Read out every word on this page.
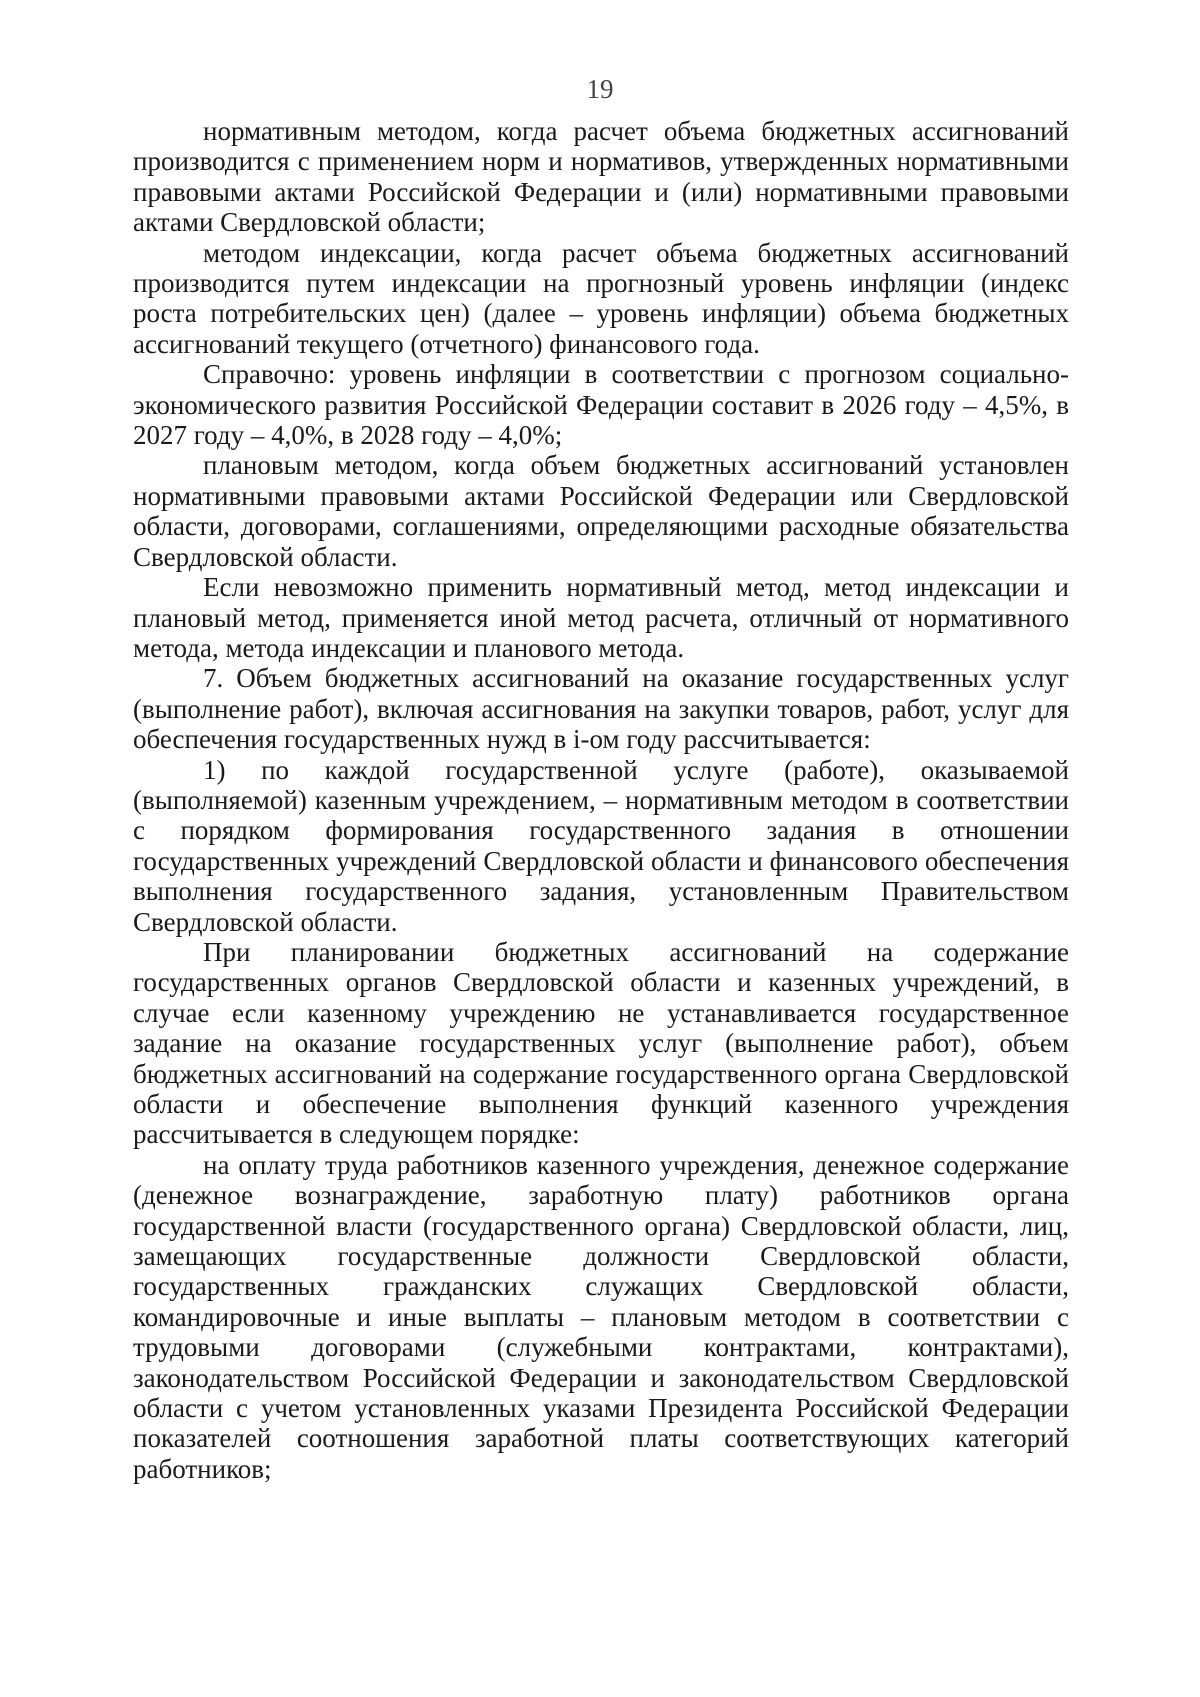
19

нормативным методом, когда расчет объема бюджетных ассигнований производится с применением норм и нормативов, утвержденных нормативными правовыми актами Российской Федерации и (или) нормативными правовыми актами Свердловской области;

методом индексации, когда расчет объема бюджетных ассигнований производится путем индексации на прогнозный уровень инфляции (индекс роста потребительских цен) (далее – уровень инфляции) объема бюджетных ассигнований текущего (отчетного) финансового года.

Справочно: уровень инфляции в соответствии с прогнозом социально-экономического развития Российской Федерации составит в 2026 году – 4,5%, в 2027 году – 4,0%, в 2028 году – 4,0%;

плановым методом, когда объем бюджетных ассигнований установлен нормативными правовыми актами Российской Федерации или Свердловской области, договорами, соглашениями, определяющими расходные обязательства Свердловской области.

Если невозможно применить нормативный метод, метод индексации и плановый метод, применяется иной метод расчета, отличный от нормативного метода, метода индексации и планового метода.

7. Объем бюджетных ассигнований на оказание государственных услуг (выполнение работ), включая ассигнования на закупки товаров, работ, услуг для обеспечения государственных нужд в i-ом году рассчитывается:

1) по каждой государственной услуге (работе), оказываемой (выполняемой) казенным учреждением, – нормативным методом в соответствии с порядком формирования государственного задания в отношении государственных учреждений Свердловской области и финансового обеспечения выполнения государственного задания, установленным Правительством Свердловской области.

При планировании бюджетных ассигнований на содержание государственных органов Свердловской области и казенных учреждений, в случае если казенному учреждению не устанавливается государственное задание на оказание государственных услуг (выполнение работ), объем бюджетных ассигнований на содержание государственного органа Свердловской области и обеспечение выполнения функций казенного учреждения рассчитывается в следующем порядке:

на оплату труда работников казенного учреждения, денежное содержание (денежное вознаграждение, заработную плату) работников органа государственной власти (государственного органа) Свердловской области, лиц, замещающих государственные должности Свердловской области, государственных гражданских служащих Свердловской области, командировочные и иные выплаты – плановым методом в соответствии с трудовыми договорами (служебными контрактами, контрактами), законодательством Российской Федерации и законодательством Свердловской области с учетом установленных указами Президента Российской Федерации показателей соотношения заработной платы соответствующих категорий работников;
